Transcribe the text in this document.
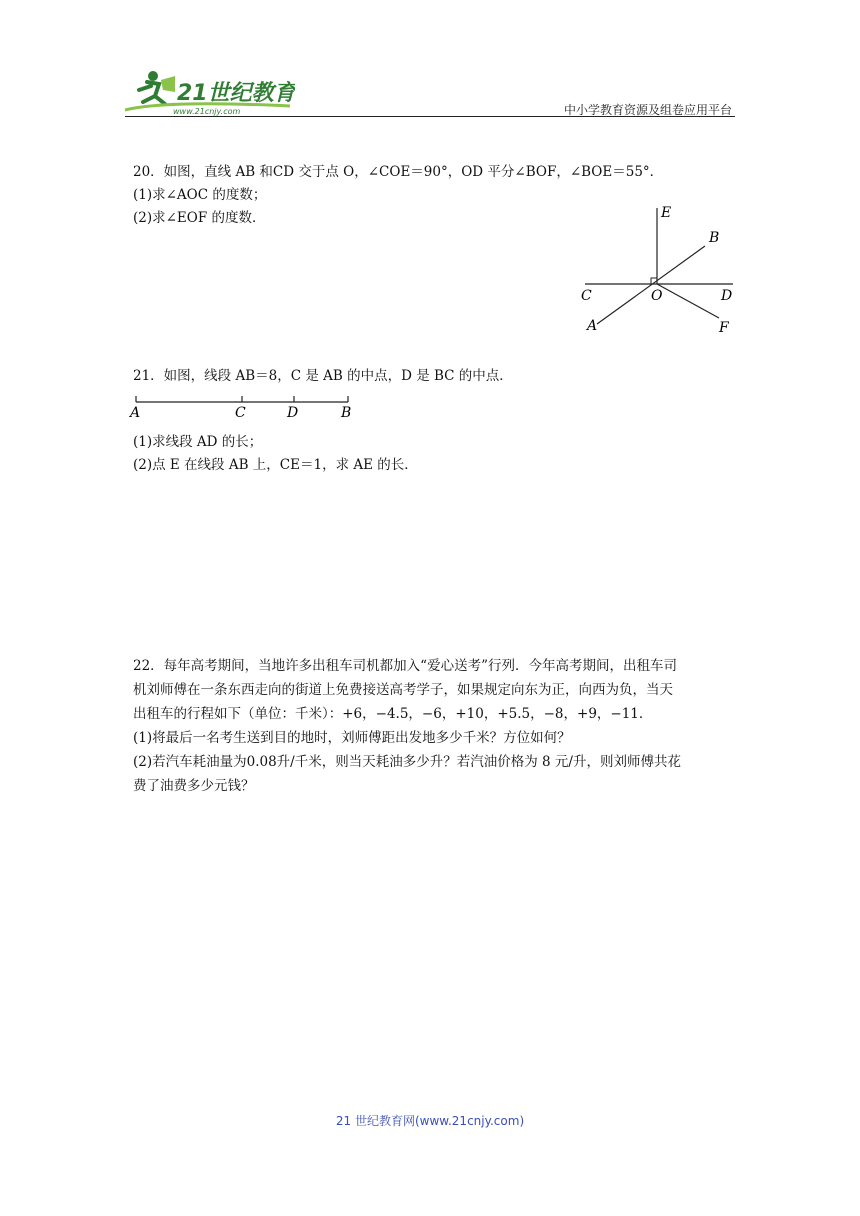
21世纪教育
www.21cnjy.com	中小学教育资源及组卷应用平台
20．如图，直线 AB 和CD 交于点 O，∠COE＝90°，OD 平分∠BOF，∠BOE＝55°．
(1)求∠AOC 的度数；
(2)求∠EOF 的度数．	E
B
C	O	D
A	F
21．如图，线段 AB＝8，C 是 AB 的中点，D 是 BC 的中点．
A	C	D	B
(1)求线段 AD 的长；
(2)点 E 在线段 AB 上，CE＝1，求 AE 的长．
22．每年高考期间，当地许多出租车司机都加入“爱心送考”行列．今年高考期间，出租车司
机刘师傅在一条东西走向的街道上免费接送高考学子，如果规定向东为正，向西为负，当天
出租车的行程如下（单位：千米）：+6，−4.5，−6，+10，+5.5，−8，+9，−11．
(1)将最后一名考生送到目的地时，刘师傅距出发地多少千米？方位如何？
(2)若汽车耗油量为0.08升/千米，则当天耗油多少升？若汽油价格为 8 元/升，则刘师傅共花
费了油费多少元钱？
21 世纪教育网(www.21cnjy.com)
